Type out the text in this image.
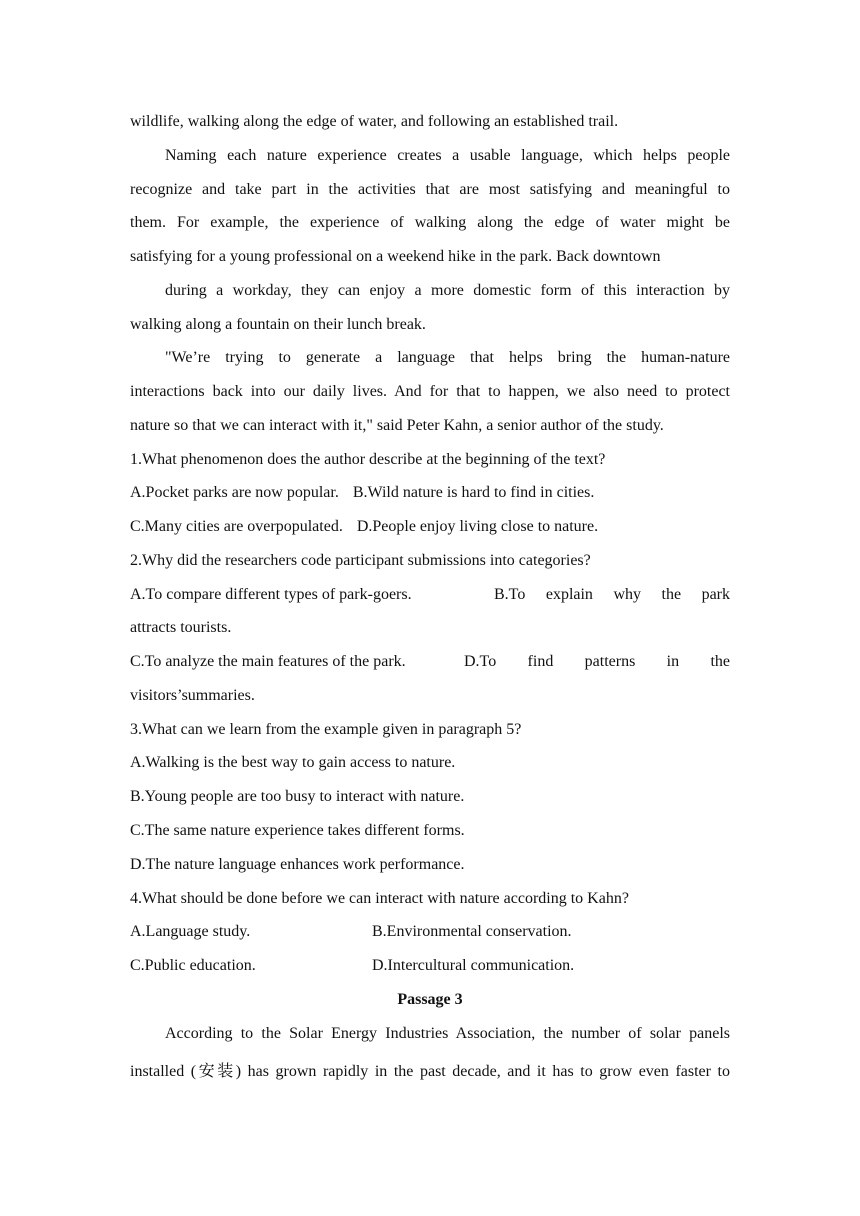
wildlife, walking along the edge of water, and following an established trail.
Naming each nature experience creates a usable language, which helps people
recognize and take part in the activities that are most satisfying and meaningful to
them. For example, the experience of walking along the edge of water might be
satisfying for a young professional on a weekend hike in the park. Back downtown
during a workday, they can enjoy a more domestic form of this interaction by
walking along a fountain on their lunch break.
"We’re trying to generate a language that helps bring the human-nature
interactions back into our daily lives. And for that to happen, we also need to protect
nature so that we can interact with it," said Peter Kahn, a senior author of the study.
1.What phenomenon does the author describe at the beginning of the text?
A.Pocket parks are now popular. B.Wild nature is hard to find in cities.
C.Many cities are overpopulated. D.People enjoy living close to nature.
2.Why did the researchers code participant submissions into categories?
A.To compare different types of park-goers.	B.To explain why the park
attracts tourists.
C.To analyze the main features of the park.	D.To find patterns in the
visitors’summaries.
3.What can we learn from the example given in paragraph 5?
A.Walking is the best way to gain access to nature.
B.Young people are too busy to interact with nature.
C.The same nature experience takes different forms.
D.The nature language enhances work performance.
4.What should be done before we can interact with nature according to Kahn?
A.Language study.	B.Environmental conservation.
C.Public education.	D.Intercultural communication.
Passage 3
According to the Solar Energy Industries Association, the number of solar panels
installed (安装) has grown rapidly in the past decade, and it has to grow even faster to
